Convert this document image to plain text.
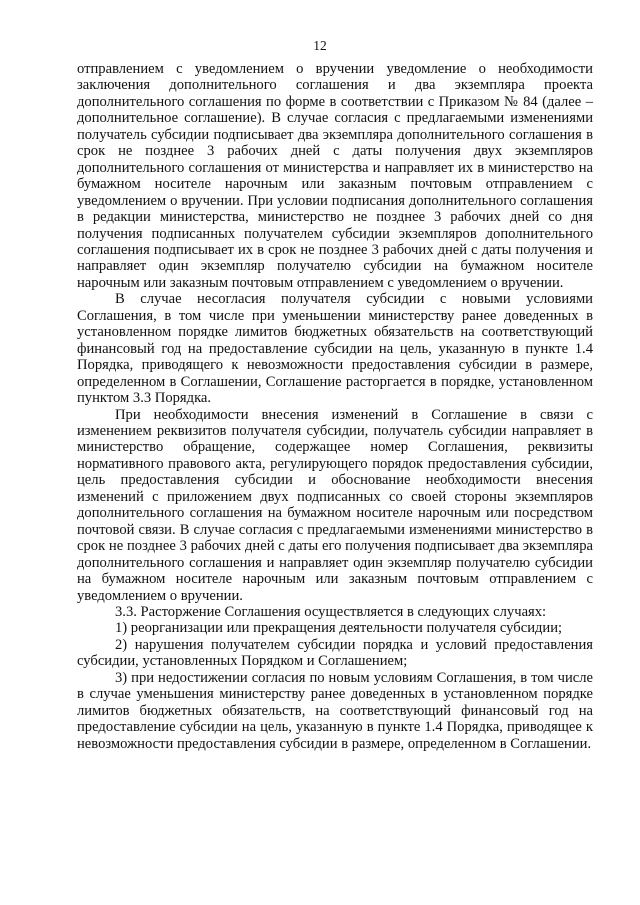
12

отправлением с уведомлением о вручении уведомление о необходимости заключения дополнительного соглашения и два экземпляра проекта дополнительного соглашения по форме в соответствии с Приказом № 84 (далее – дополнительное соглашение). В случае согласия с предлагаемыми изменениями получатель субсидии подписывает два экземпляра дополнительного соглашения в срок не позднее 3 рабочих дней с даты получения двух экземпляров дополнительного соглашения от министерства и направляет их в министерство на бумажном носителе нарочным или заказным почтовым отправлением с уведомлением о вручении. При условии подписания дополнительного соглашения в редакции министерства, министерство не позднее 3 рабочих дней со дня получения подписанных получателем субсидии экземпляров дополнительного соглашения подписывает их в срок не позднее 3 рабочих дней с даты получения и направляет один экземпляр получателю субсидии на бумажном носителе нарочным или заказным почтовым отправлением с уведомлением о вручении.

В случае несогласия получателя субсидии с новыми условиями Соглашения, в том числе при уменьшении министерству ранее доведенных в установленном порядке лимитов бюджетных обязательств на соответствующий финансовый год на предоставление субсидии на цель, указанную в пункте 1.4 Порядка, приводящего к невозможности предоставления субсидии в размере, определенном в Соглашении, Соглашение расторгается в порядке, установленном пунктом 3.3 Порядка.

При необходимости внесения изменений в Соглашение в связи с изменением реквизитов получателя субсидии, получатель субсидии направляет в министерство обращение, содержащее номер Соглашения, реквизиты нормативного правового акта, регулирующего порядок предоставления субсидии, цель предоставления субсидии и обоснование необходимости внесения изменений с приложением двух подписанных со своей стороны экземпляров дополнительного соглашения на бумажном носителе нарочным или посредством почтовой связи. В случае согласия с предлагаемыми изменениями министерство в срок не позднее 3 рабочих дней с даты его получения подписывает два экземпляра дополнительного соглашения и направляет один экземпляр получателю субсидии на бумажном носителе нарочным или заказным почтовым отправлением с уведомлением о вручении.

3.3. Расторжение Соглашения осуществляется в следующих случаях:

1) реорганизации или прекращения деятельности получателя субсидии;

2) нарушения получателем субсидии порядка и условий предоставления субсидии, установленных Порядком и Соглашением;

3) при недостижении согласия по новым условиям Соглашения, в том числе в случае уменьшения министерству ранее доведенных в установленном порядке лимитов бюджетных обязательств, на соответствующий финансовый год на предоставление субсидии на цель, указанную в пункте 1.4 Порядка, приводящее к невозможности предоставления субсидии в размере, определенном в Соглашении.
